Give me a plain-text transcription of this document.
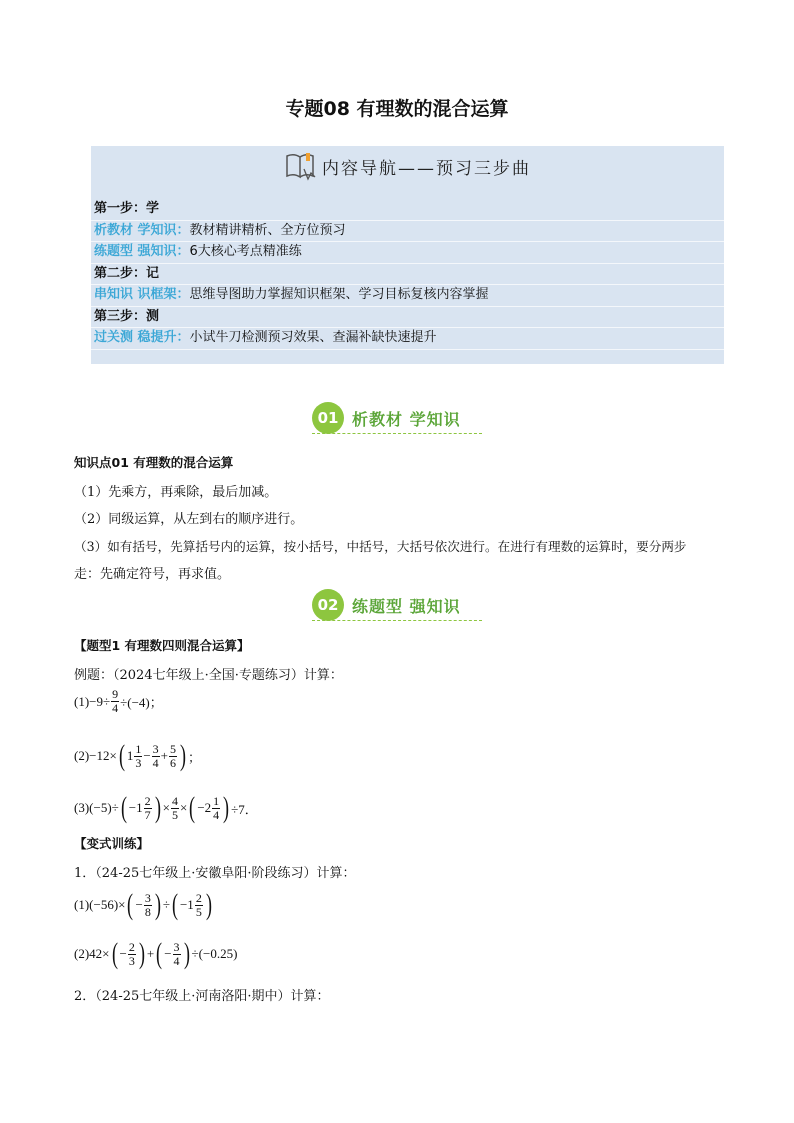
专题08 有理数的混合运算
内容导航——预习三步曲
第一步：学
析教材 学知识：教材精讲精析、全方位预习
练题型 强知识：6大核心考点精准练
第二步：记
串知识 识框架：思维导图助力掌握知识框架、学习目标复核内容掌握
第三步：测
过关测 稳提升：小试牛刀检测预习效果、查漏补缺快速提升
01 析教材 学知识
知识点01 有理数的混合运算
（1）先乘方，再乘除，最后加减。
（2）同级运算，从左到右的顺序进行。
（3）如有括号，先算括号内的运算，按小括号，中括号，大括号依次进行。在进行有理数的运算时，要分两步
走：先确定符号，再求值。
02 练题型 强知识
【题型1 有理数四则混合运算】
例题：（2024七年级上·全国·专题练习）计算：
$(1)-9\div \frac{9}{4} \div(-4)$；
(2)−12× ( $1 \frac{1}{3} - \frac{3}{4} + \frac{5}{6}$ ) ；
(3)(−5)÷ ( $-1 \frac{2}{7}$ ) × $\frac{4}{5}$ × ( $-2 \frac{1}{4}$ ) ÷7．
【变式训练】
1．（24-25七年级上·安徽阜阳·阶段练习）计算：
(1)(−56)× ( − $\frac{3}{8}$ ) ÷ ( $-1 \frac{2}{5}$ )
(2)42× ( − $\frac{2}{3}$ ) + ( − $\frac{3}{4}$ ) ÷(−0.25)
2．（24-25七年级上·河南洛阳·期中）计算：
